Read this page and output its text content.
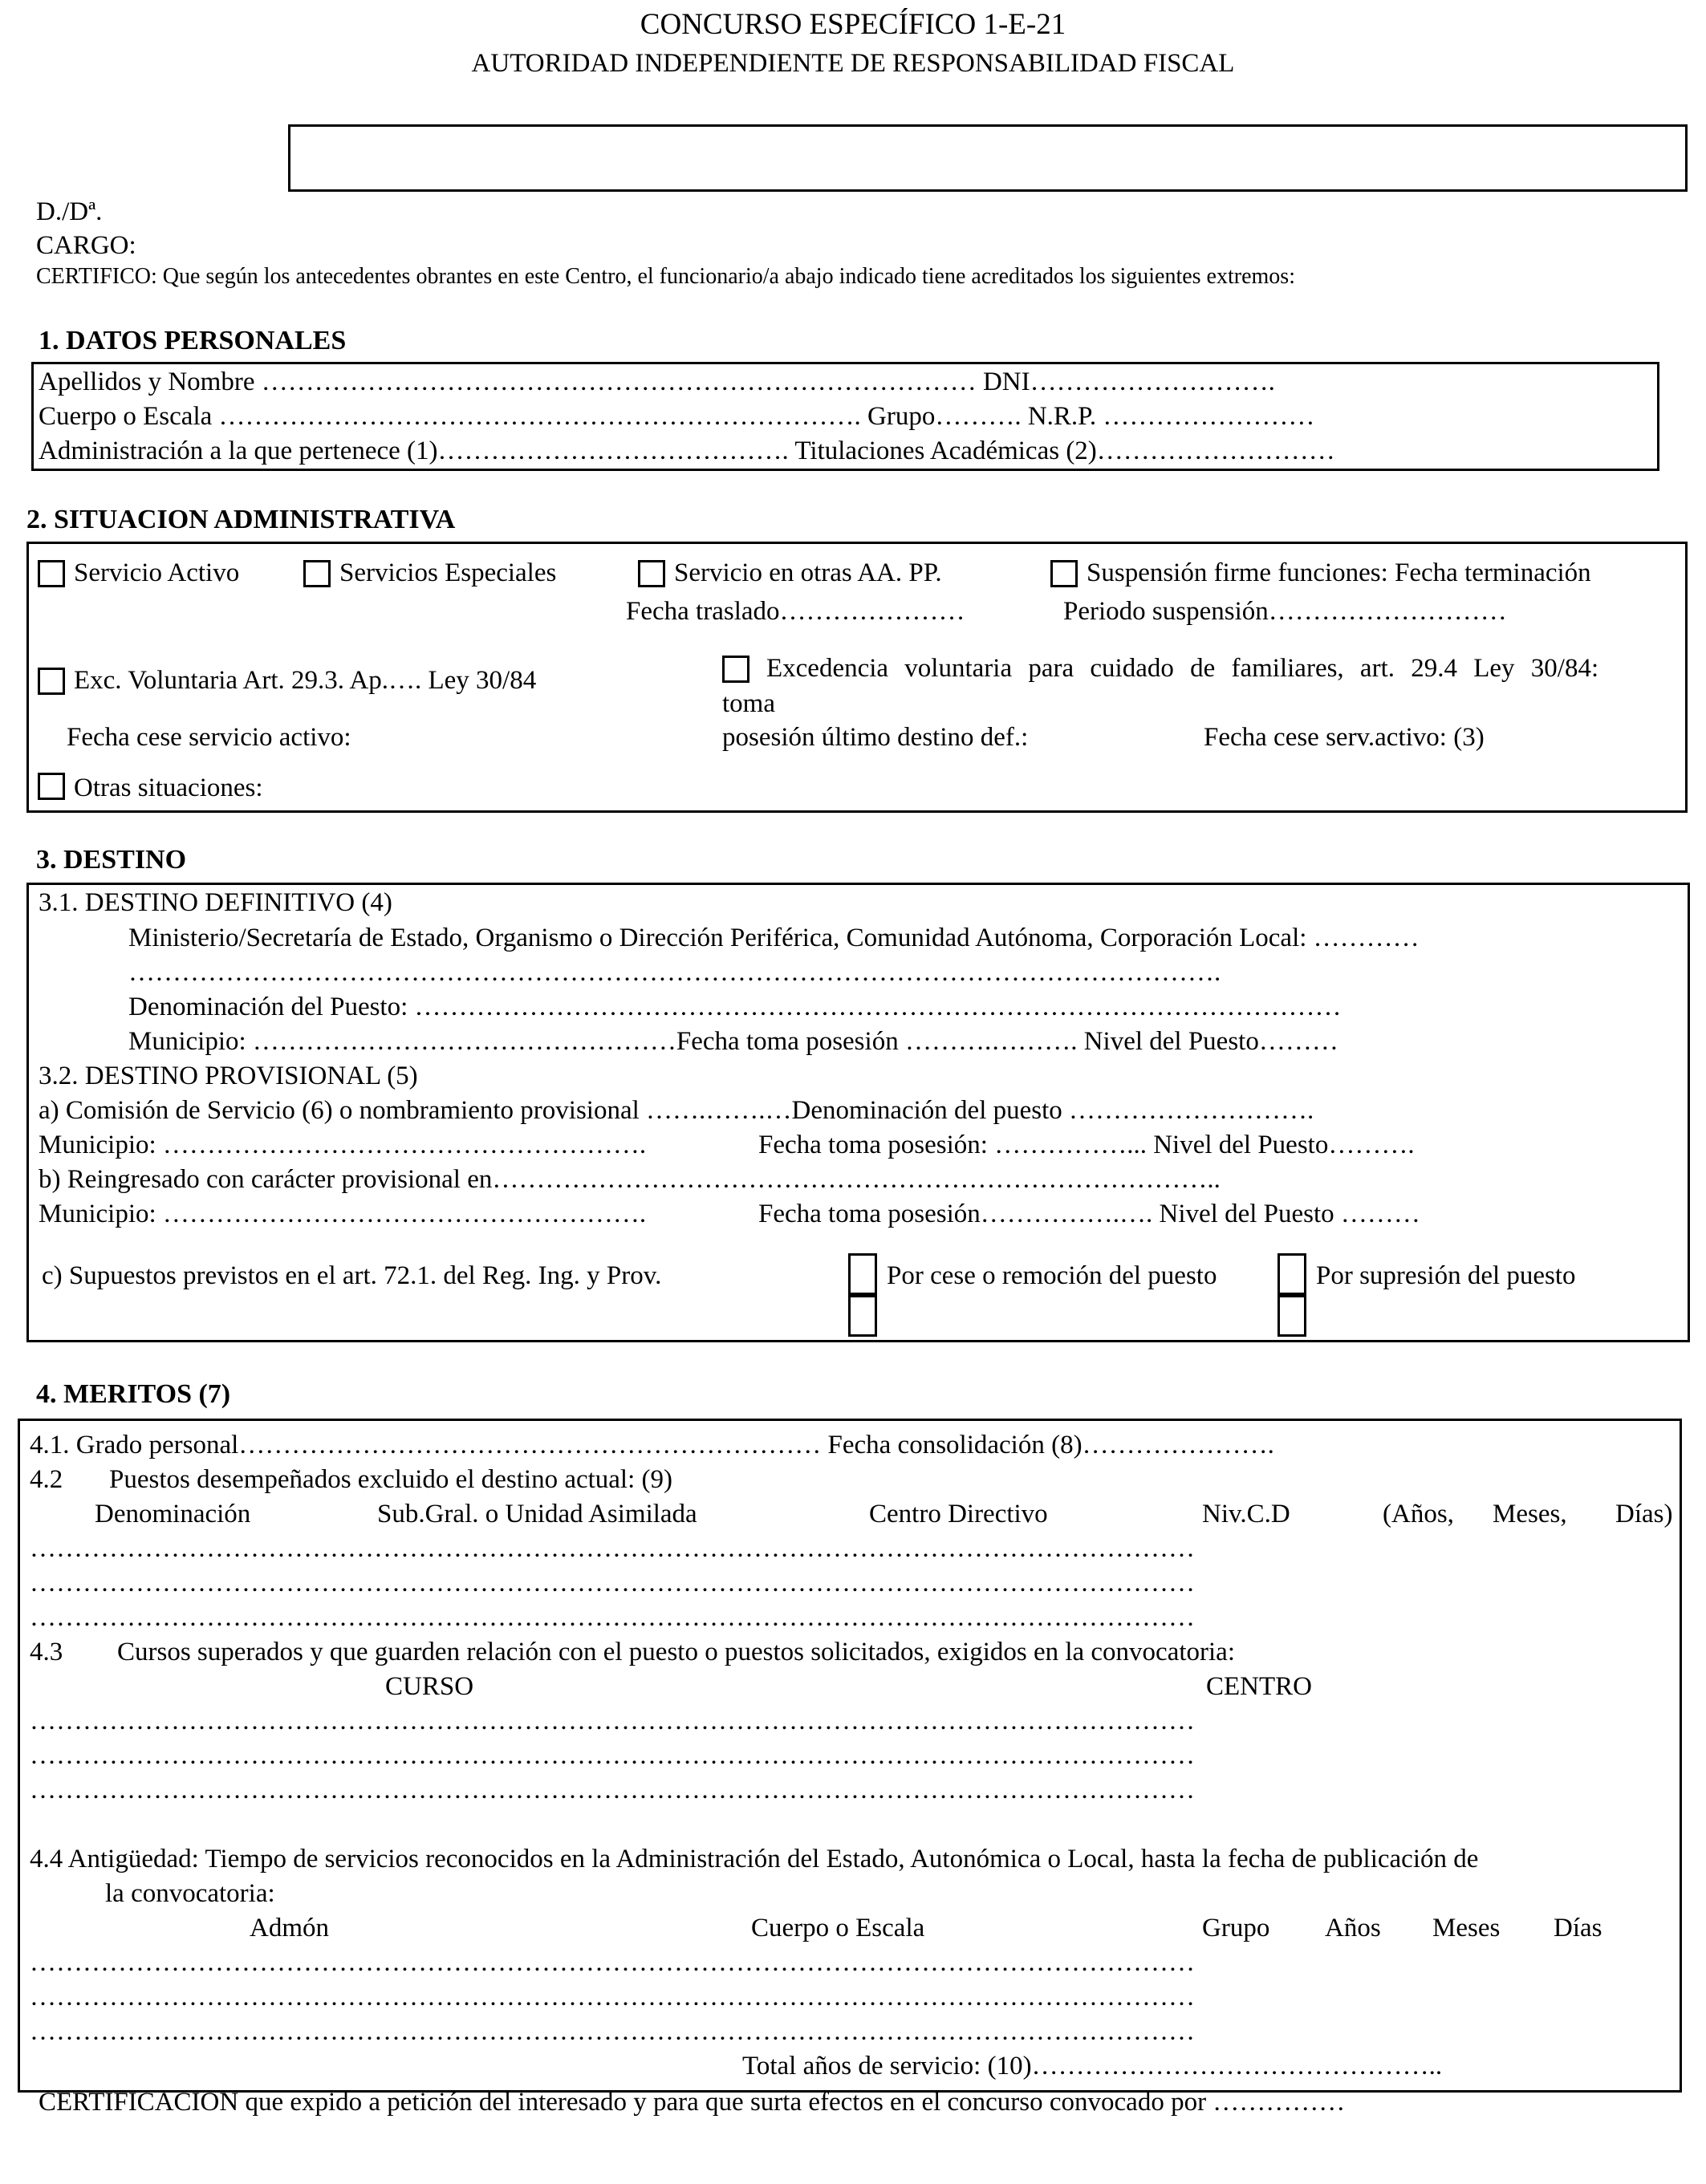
CONCURSO ESPECÍFICO 1-E-21
AUTORIDAD INDEPENDIENTE DE RESPONSABILIDAD FISCAL
D./Dª.
CARGO:
CERTIFICO: Que según los antecedentes obrantes en este Centro, el funcionario/a abajo indicado tiene acreditados los siguientes extremos:
1. DATOS PERSONALES
Apellidos y Nombre ……………………………………………………………………… DNI……………………….
Cuerpo o Escala ………………………………………………………………. Grupo………. N.R.P. ……………………
Administración a la que pertenece (1)…………………………………. Titulaciones Académicas (2)………………………
2. SITUACION ADMINISTRATIVA
Servicio Activo	Servicios Especiales	Servicio en otras AA. PP.
Fecha traslado…………………
Suspensión firme funciones: Fecha terminación
Periodo suspensión………………………
Exc. Voluntaria Art. 29.3. Ap.…. Ley 30/84
Fecha cese servicio activo:
Excedencia voluntaria para cuidado de familiares, art. 29.4 Ley 30/84:
toma
posesión último destino def.:	Fecha cese serv.activo: (3)
Otras situaciones:
3. DESTINO
3.1. DESTINO DEFINITIVO (4)
Ministerio/Secretaría de Estado, Organismo o Dirección Periférica, Comunidad Autónoma, Corporación Local: …………
…………………………………………………………………………………………………………….
Denominación del Puesto: ……………………………………………………………………………………………
Municipio: …………………………………………Fecha toma posesión ……….………. Nivel del Puesto………
3.2. DESTINO PROVISIONAL (5)
a) Comisión de Servicio (6) o nombramiento provisional …….…….…Denominación del puesto ……………………….
Municipio: ……………………………………………….	Fecha toma posesión: ……………... Nivel del Puesto……….
b) Reingresado con carácter provisional en………………………………………………………………………..
Municipio: ……………………………………………….	Fecha toma posesión…………….…. Nivel del Puesto ………
c) Supuestos previstos en el art. 72.1. del Reg. Ing. y Prov.	Por cese o remoción del puesto	Por supresión del puesto
4. MERITOS (7)
4.1. Grado personal………………………………………………………… Fecha consolidación (8)………………….
4.2 Puestos desempeñados excluido el destino actual: (9)
Denominación	Sub.Gral. o Unidad Asimilada	Centro Directivo	Niv.C.D	(Años, Meses, Días)
……………………………………………………………………………………………………………………
……………………………………………………………………………………………………………………
……………………………………………………………………………………………………………………
4.3 Cursos superados y que guarden relación con el puesto o puestos solicitados, exigidos en la convocatoria:
CURSO	CENTRO
……………………………………………………………………………………………………………………
……………………………………………………………………………………………………………………
……………………………………………………………………………………………………………………
4.4 Antigüedad: Tiempo de servicios reconocidos en la Administración del Estado, Autonómica o Local, hasta la fecha de publicación de
la convocatoria:
Admón	Cuerpo o Escala	Grupo Años Meses Días
……………………………………………………………………………………………………………………
……………………………………………………………………………………………………………………
……………………………………………………………………………………………………………………
Total años de servicio: (10)………………………………………..
CERTIFICACION que expido a petición del interesado y para que surta efectos en el concurso convocado por ……………
